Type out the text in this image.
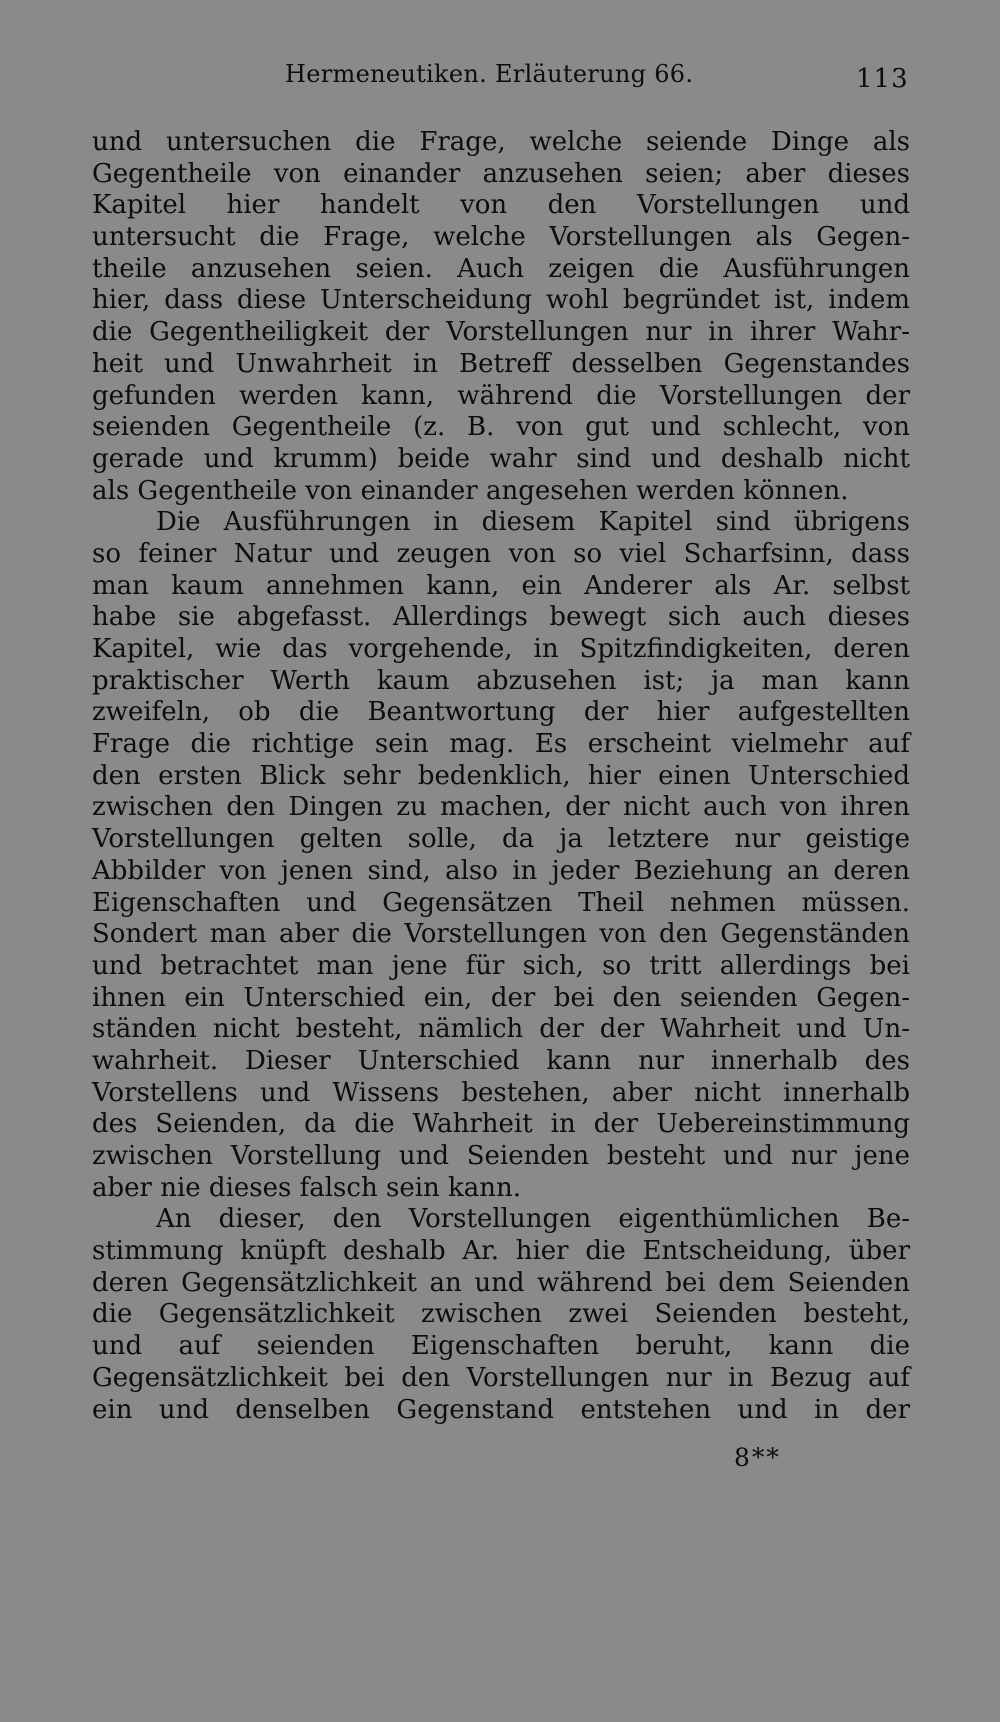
Hermeneutiken. Erläuterung 66.	113
und untersuchen die Frage, welche seiende Dinge als
Gegentheile von einander anzusehen seien; aber dieses
Kapitel hier handelt von den Vorstellungen und
untersucht die Frage, welche Vorstellungen als Gegen-
theile anzusehen seien. Auch zeigen die Ausführungen
hier, dass diese Unterscheidung wohl begründet ist, indem
die Gegentheiligkeit der Vorstellungen nur in ihrer Wahr-
heit und Unwahrheit in Betreff desselben Gegenstandes
gefunden werden kann, während die Vorstellungen der
seienden Gegentheile (z. B. von gut und schlecht, von
gerade und krumm) beide wahr sind und deshalb nicht
als Gegentheile von einander angesehen werden können.
Die Ausführungen in diesem Kapitel sind übrigens
so feiner Natur und zeugen von so viel Scharfsinn, dass
man kaum annehmen kann, ein Anderer als Ar. selbst
habe sie abgefasst. Allerdings bewegt sich auch dieses
Kapitel, wie das vorgehende, in Spitzfindigkeiten, deren
praktischer Werth kaum abzusehen ist; ja man kann
zweifeln, ob die Beantwortung der hier aufgestellten
Frage die richtige sein mag. Es erscheint vielmehr auf
den ersten Blick sehr bedenklich, hier einen Unterschied
zwischen den Dingen zu machen, der nicht auch von ihren
Vorstellungen gelten solle, da ja letztere nur geistige
Abbilder von jenen sind, also in jeder Beziehung an deren
Eigenschaften und Gegensätzen Theil nehmen müssen.
Sondert man aber die Vorstellungen von den Gegenständen
und betrachtet man jene für sich, so tritt allerdings bei
ihnen ein Unterschied ein, der bei den seienden Gegen-
ständen nicht besteht, nämlich der der Wahrheit und Un-
wahrheit. Dieser Unterschied kann nur innerhalb des
Vorstellens und Wissens bestehen, aber nicht innerhalb
des Seienden, da die Wahrheit in der Uebereinstimmung
zwischen Vorstellung und Seienden besteht und nur jene
aber nie dieses falsch sein kann.
An dieser, den Vorstellungen eigenthümlichen Be-
stimmung knüpft deshalb Ar. hier die Entscheidung, über
deren Gegensätzlichkeit an und während bei dem Seienden
die Gegensätzlichkeit zwischen zwei Seienden besteht,
und auf seienden Eigenschaften beruht, kann die
Gegensätzlichkeit bei den Vorstellungen nur in Bezug auf
ein und denselben Gegenstand entstehen und in der
8**
